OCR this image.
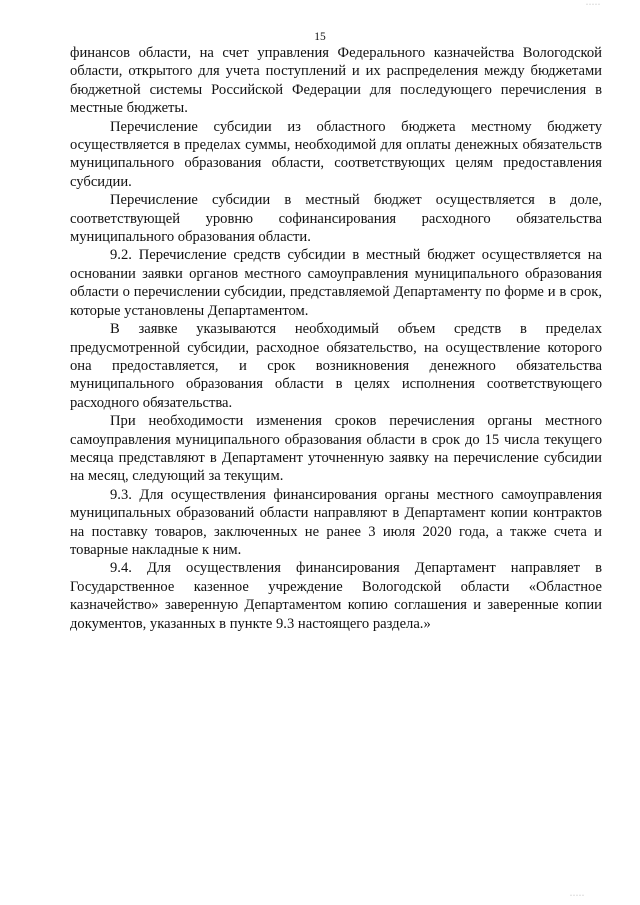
·····
15

финансов области, на счет управления Федерального казначейства Вологодской области, открытого для учета поступлений и их распределения между бюджетами бюджетной системы Российской Федерации для последующего перечисления в местные бюджеты.

Перечисление субсидии из областного бюджета местному бюджету осуществляется в пределах суммы, необходимой для оплаты денежных обязательств муниципального образования области, соответствующих целям предоставления субсидии.

Перечисление субсидии в местный бюджет осуществляется в доле, соответствующей уровню софинансирования расходного обязательства муниципального образования области.

9.2. Перечисление средств субсидии в местный бюджет осуществляется на основании заявки органов местного самоуправления муниципального образования области о перечислении субсидии, представляемой Департаменту по форме и в срок, которые установлены Департаментом.

В заявке указываются необходимый объем средств в пределах предусмотренной субсидии, расходное обязательство, на осуществление которого она предоставляется, и срок возникновения денежного обязательства муниципального образования области в целях исполнения соответствующего расходного обязательства.

При необходимости изменения сроков перечисления органы местного самоуправления муниципального образования области в срок до 15 числа текущего месяца представляют в Департамент уточненную заявку на перечисление субсидии на месяц, следующий за текущим.

9.3. Для осуществления финансирования органы местного самоуправления муниципальных образований области направляют в Департамент копии контрактов на поставку товаров, заключенных не ранее 3 июля 2020 года, а также счета и товарные накладные к ним.

9.4. Для осуществления финансирования Департамент направляет в Государственное казенное учреждение Вологодской области «Областное казначейство» заверенную Департаментом копию соглашения и заверенные копии документов, указанных в пункте 9.3 настоящего раздела.»

·····
